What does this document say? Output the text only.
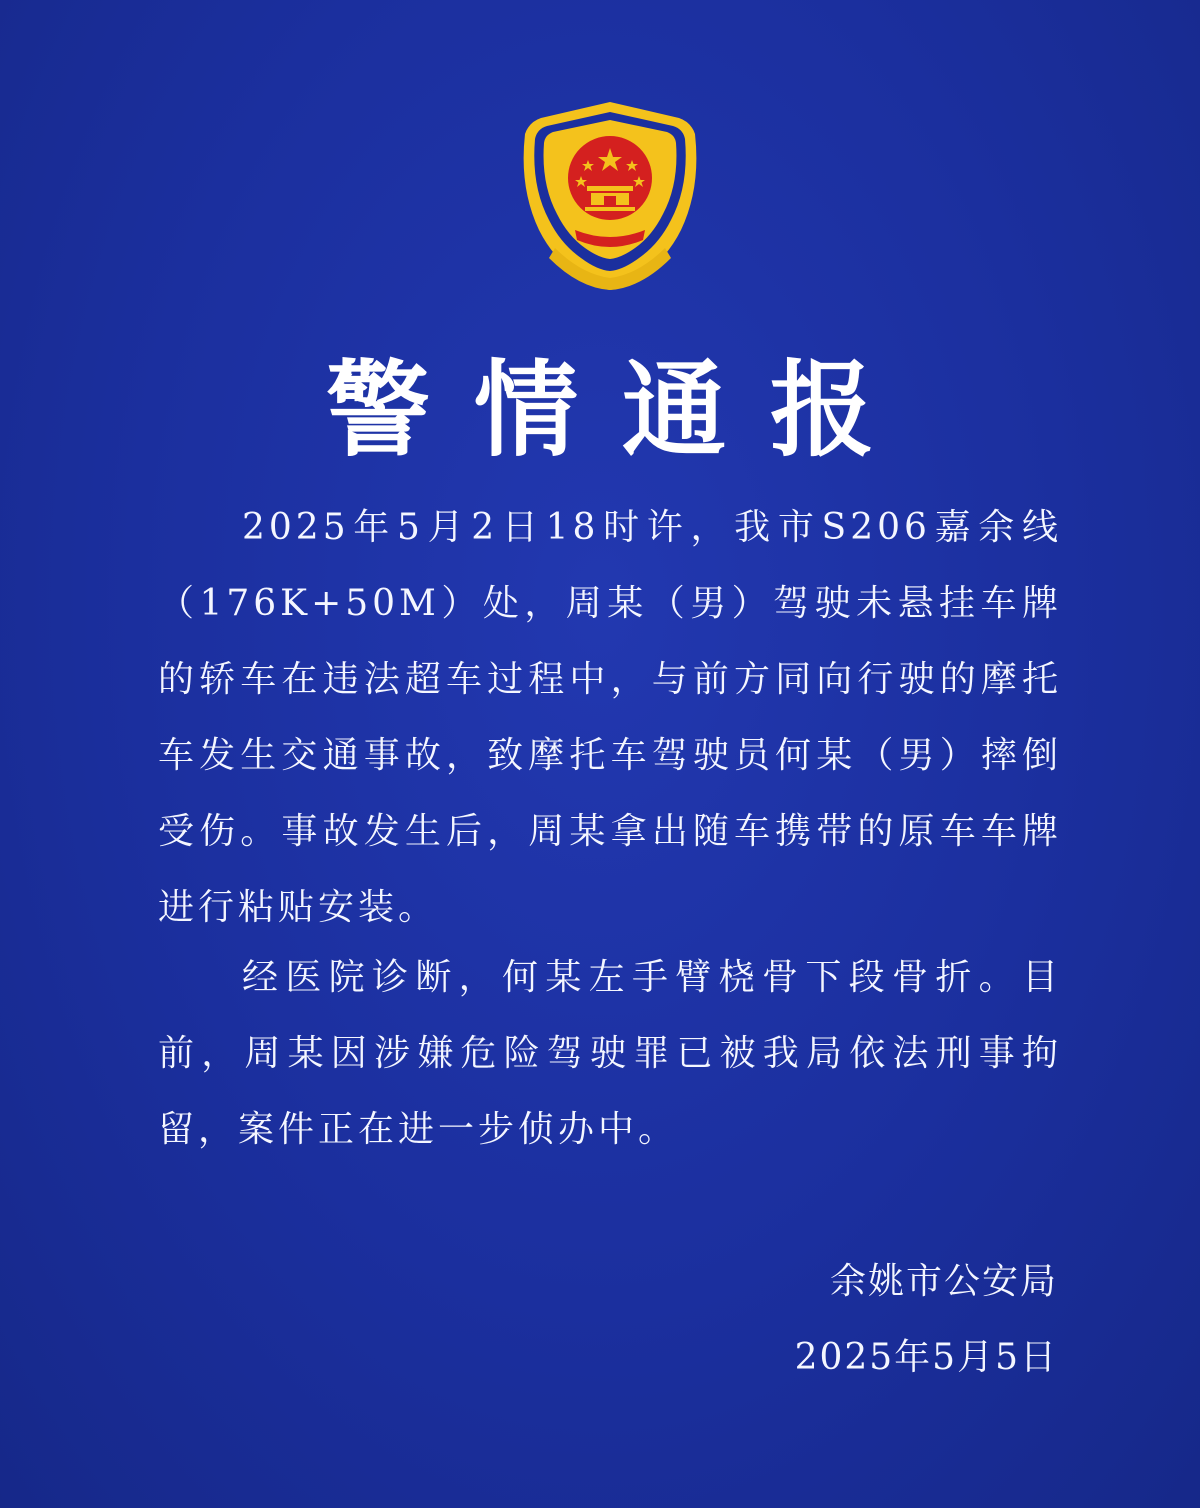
警情通报

2025年5月2日18时许，我市S206嘉余线（176K+50M）处，周某（男）驾驶未悬挂车牌的轿车在违法超车过程中，与前方同向行驶的摩托车发生交通事故，致摩托车驾驶员何某（男）摔倒受伤。事故发生后，周某拿出随车携带的原车车牌进行粘贴安装。

经医院诊断，何某左手臂桡骨下段骨折。目前，周某因涉嫌危险驾驶罪已被我局依法刑事拘留，案件正在进一步侦办中。

余姚市公安局

2025年5月5日
